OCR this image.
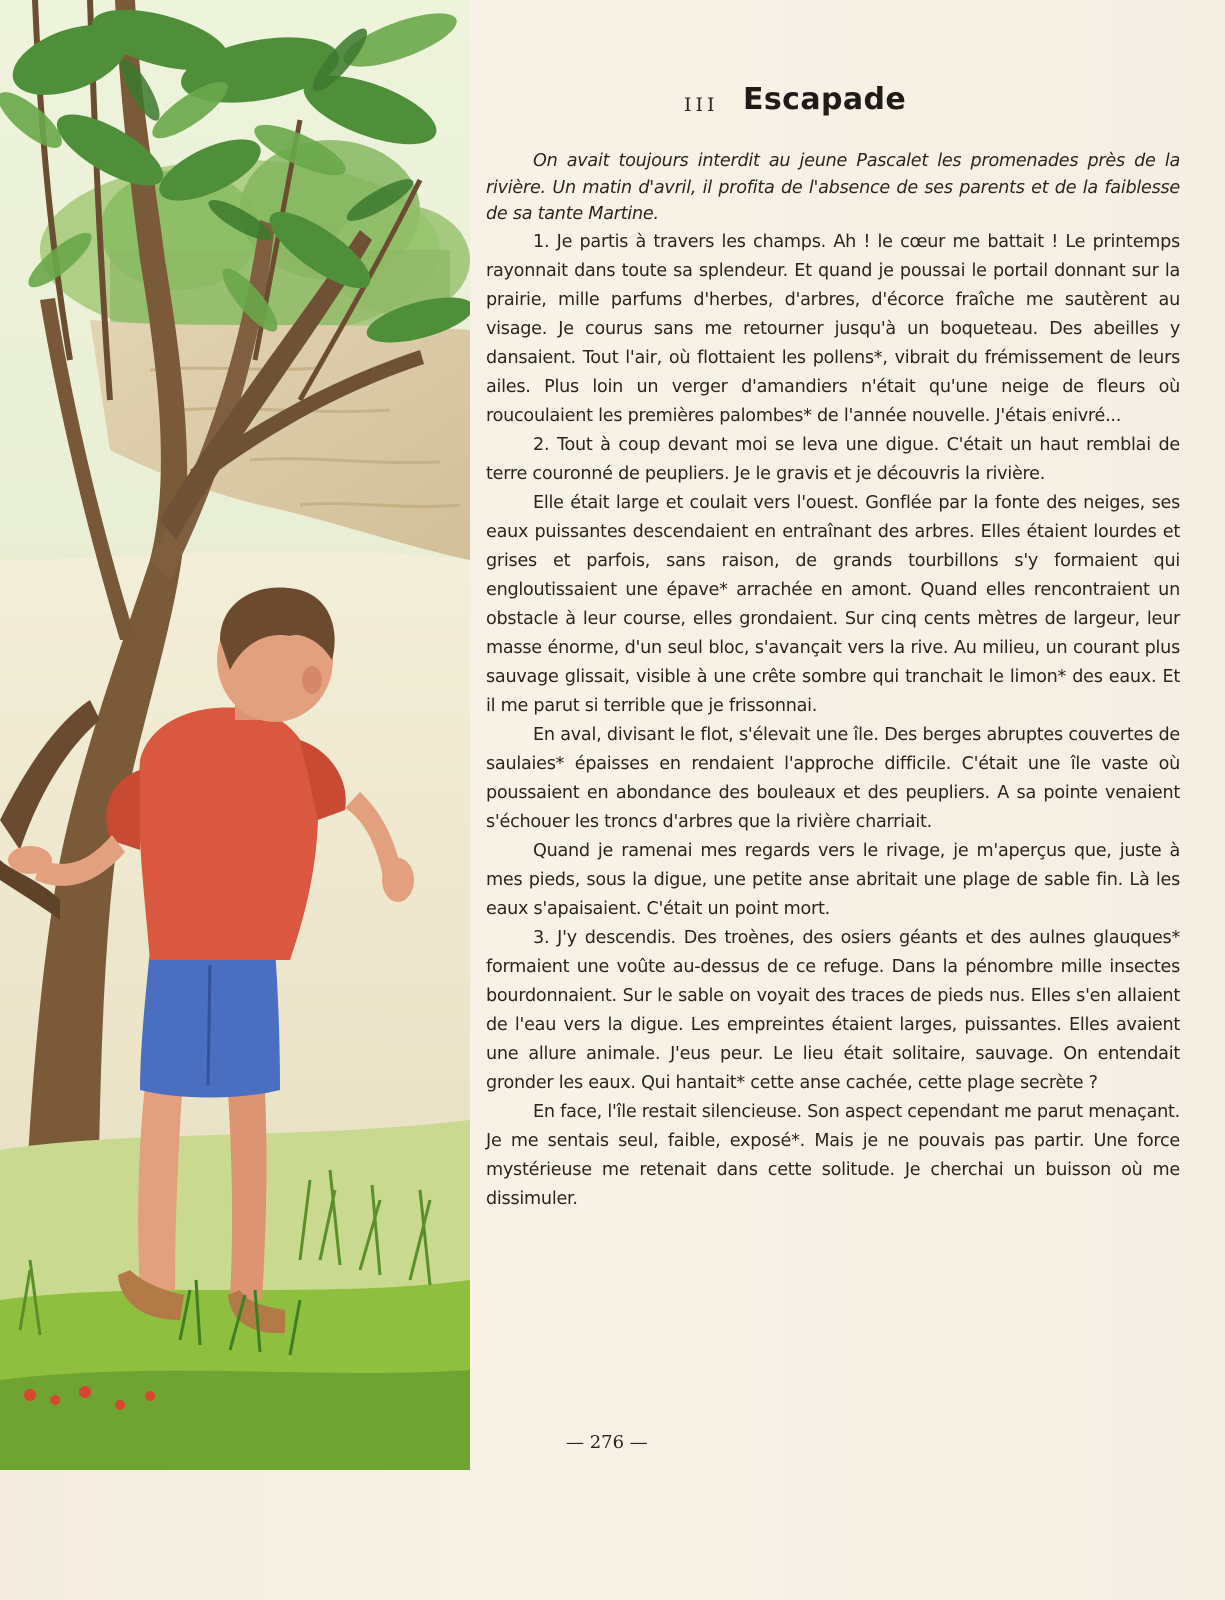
III Escapade

On avait toujours interdit au jeune Pascalet les promenades près de la rivière. Un matin d'avril, il profita de l'absence de ses parents et de la faiblesse de sa tante Martine.

1. Je partis à travers les champs. Ah ! le cœur me battait ! Le printemps rayonnait dans toute sa splendeur. Et quand je poussai le portail donnant sur la prairie, mille parfums d'herbes, d'arbres, d'écorce fraîche me sautèrent au visage. Je courus sans me retourner jusqu'à un boqueteau. Des abeilles y dansaient. Tout l'air, où flottaient les pollens*, vibrait du frémissement de leurs ailes. Plus loin un verger d'amandiers n'était qu'une neige de fleurs où roucoulaient les premières palombes* de l'année nouvelle. J'étais enivré...

2. Tout à coup devant moi se leva une digue. C'était un haut remblai de terre couronné de peupliers. Je le gravis et je découvris la rivière.

Elle était large et coulait vers l'ouest. Gonflée par la fonte des neiges, ses eaux puissantes descendaient en entraînant des arbres. Elles étaient lourdes et grises et parfois, sans raison, de grands tourbillons s'y formaient qui engloutissaient une épave* arrachée en amont. Quand elles rencontraient un obstacle à leur course, elles grondaient. Sur cinq cents mètres de largeur, leur masse énorme, d'un seul bloc, s'avançait vers la rive. Au milieu, un courant plus sauvage glissait, visible à une crête sombre qui tranchait le limon* des eaux. Et il me parut si terrible que je frissonnai.

En aval, divisant le flot, s'élevait une île. Des berges abruptes couvertes de saulaies* épaisses en rendaient l'approche difficile. C'était une île vaste où poussaient en abondance des bouleaux et des peupliers. A sa pointe venaient s'échouer les troncs d'arbres que la rivière charriait.

Quand je ramenai mes regards vers le rivage, je m'aperçus que, juste à mes pieds, sous la digue, une petite anse abritait une plage de sable fin. Là les eaux s'apaisaient. C'était un point mort.

3. J'y descendis. Des troènes, des osiers géants et des aulnes glauques* formaient une voûte au-dessus de ce refuge. Dans la pénombre mille insectes bourdonnaient. Sur le sable on voyait des traces de pieds nus. Elles s'en allaient de l'eau vers la digue. Les empreintes étaient larges, puissantes. Elles avaient une allure animale. J'eus peur. Le lieu était solitaire, sauvage. On entendait gronder les eaux. Qui hantait* cette anse cachée, cette plage secrète ?

En face, l'île restait silencieuse. Son aspect cependant me parut menaçant. Je me sentais seul, faible, exposé*. Mais je ne pouvais pas partir. Une force mystérieuse me retenait dans cette solitude. Je cherchai un buisson où me dissimuler.

— 276 —
